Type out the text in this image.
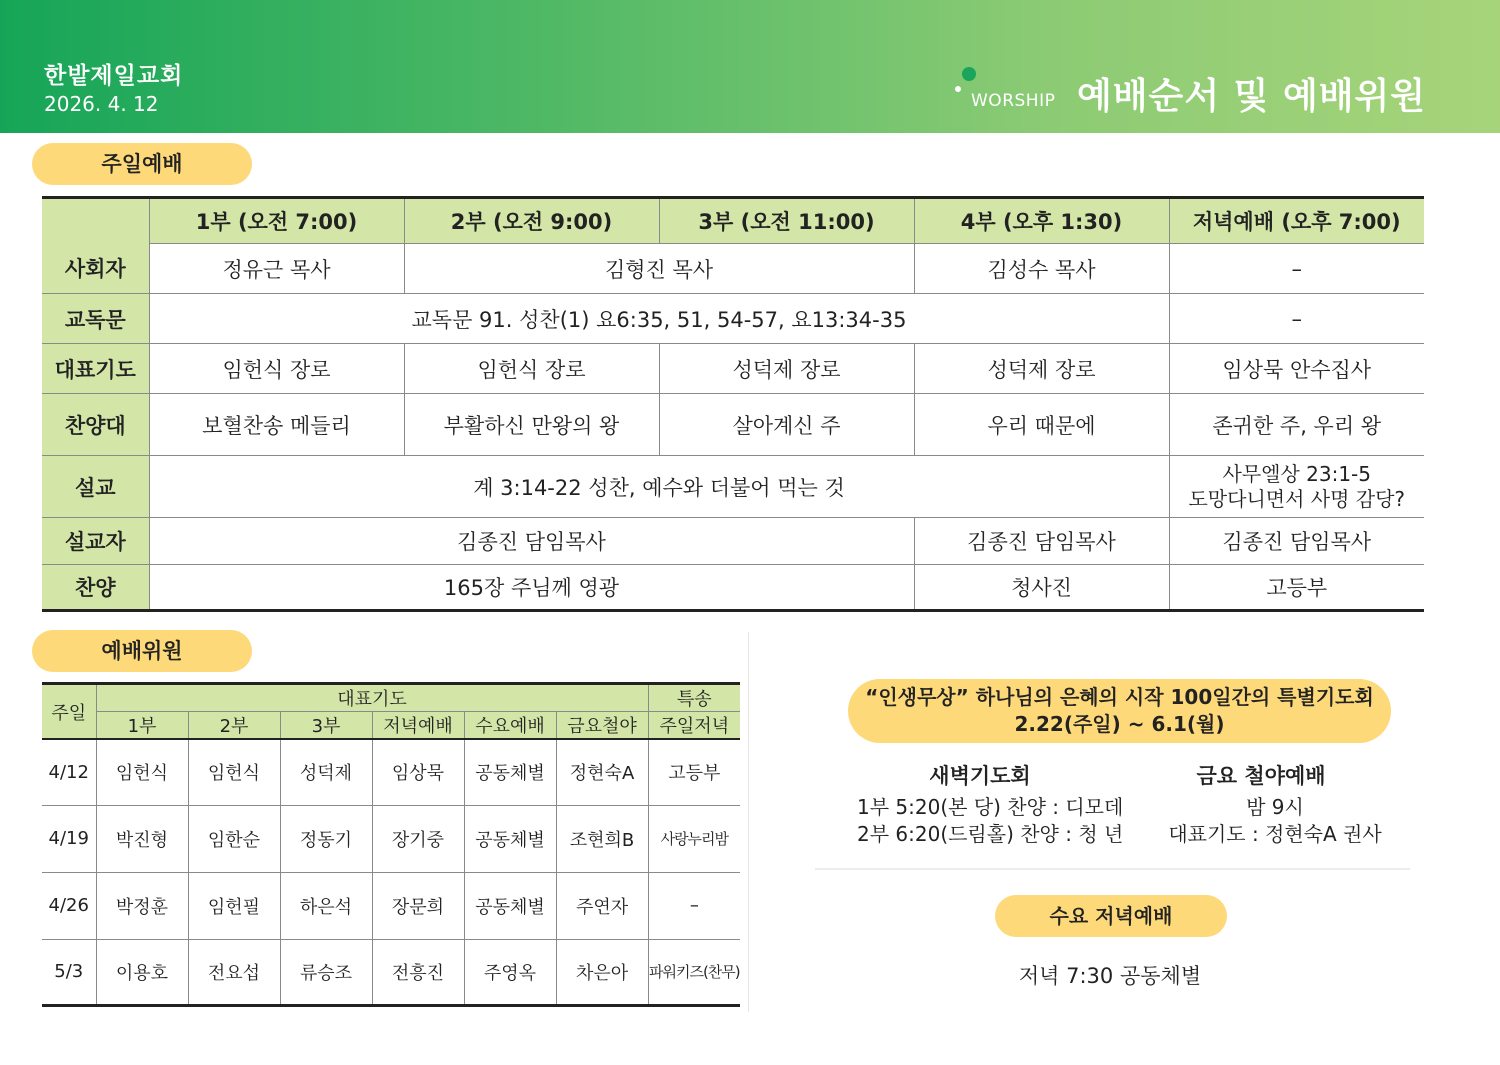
한밭제일교회
2026. 4. 12	WORSHIP 예배순서 및 예배위원
주일예배
	1부 (오전 7:00)	2부 (오전 9:00)	3부 (오전 11:00)	4부 (오후 1:30)	저녁예배 (오후 7:00)
사회자	정유근 목사	김형진 목사		김성수 목사	–
교독문	교독문 91. 성찬(1) 요6:35, 51, 54-57, 요13:34-35				–
대표기도	임헌식 장로	임헌식 장로	성덕제 장로	성덕제 장로	임상묵 안수집사
찬양대	보혈찬송 메들리	부활하신 만왕의 왕	살아계신 주	우리 때문에	존귀한 주, 우리 왕
설교	계 3:14-22 성찬, 예수와 더불어 먹는 것				사무엘상 23:1-5
도망다니면서 사명 감당?

설교자	김종진 담임목사			김종진 담임목사	김종진 담임목사
찬양	165장 주님께 영광			청사진	고등부
예배위원
주일	대표기도						특송
	1부	2부	3부	저녁예배	수요예배	금요철야	주일저녁
4/12	임헌식	임헌식	성덕제	임상묵	공동체별	정현숙A	고등부
4/19	박진형	임한순	정동기	장기중	공동체별	조현희B	사랑누리밤
4/26	박정훈	임헌필	하은석	장문희	공동체별	주연자	–
5/3	이용호	전요섭	류승조	전흥진	주영옥	차은아	파워키즈(찬무)
“인생무상” 하나님의 은혜의 시작 100일간의 특별기도회
2.22(주일) ~ 6.1(월)
새벽기도회
1부 5:20(본 당) 찬양 : 디모데
2부 6:20(드림홀) 찬양 : 청 년
금요 철야예배
밤 9시
대표기도 : 정현숙A 권사
수요 저녁예배
저녁 7:30 공동체별
